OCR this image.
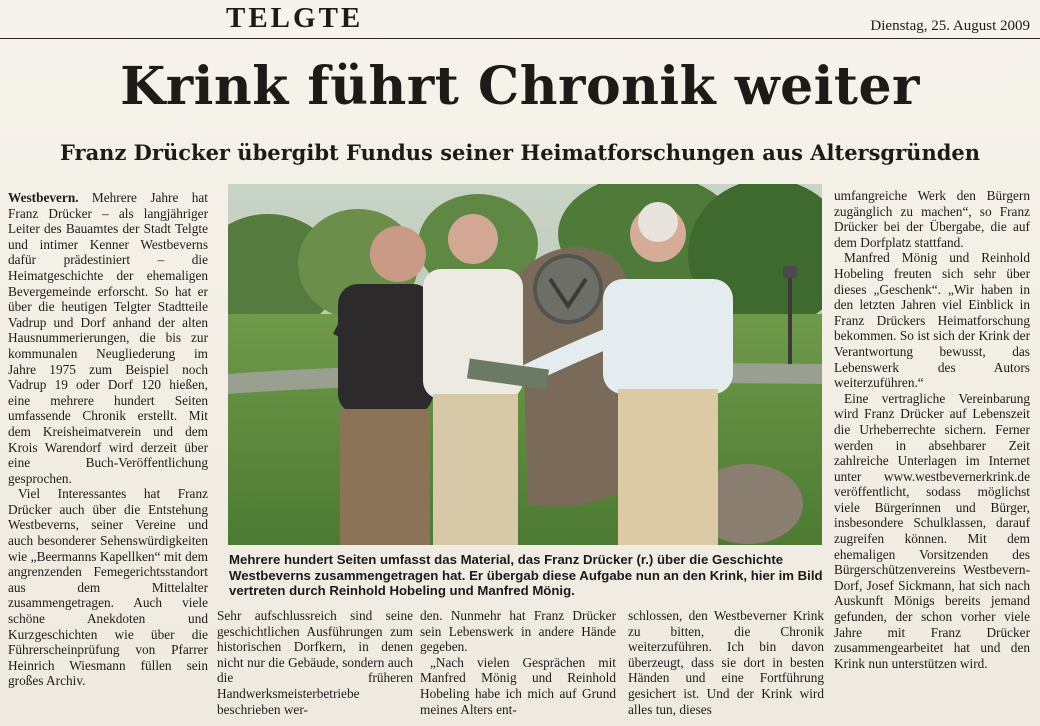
TELGTE	Dienstag, 25. August 2009
Krink führt Chronik weiter
Franz Drücker übergibt Fundus seiner Heimatforschungen aus Altersgründen

Westbevern. Mehrere Jahre hat Franz Drücker – als langjähriger Leiter des Bauamtes der Stadt Telgte und intimer Kenner Westbeverns dafür prädestiniert – die Heimatgeschichte der ehemaligen Bevergemeinde erforscht. So hat er über die heutigen Telgter Stadtteile Vadrup und Dorf anhand der alten Hausnummerierungen, die bis zur kommunalen Neugliederung im Jahre 1975 zum Beispiel noch Vadrup 19 oder Dorf 120 hießen, eine mehrere hundert Seiten umfassende Chronik erstellt. Mit dem Kreisheimatverein und dem Krois Warendorf wird derzeit über eine Buch-Veröffentlichung gesprochen.

Viel Interessantes hat Franz Drücker auch über die Entstehung Westbeverns, seiner Vereine und auch besonderer Sehenswürdigkeiten wie „Beermanns Kapellken“ mit dem angrenzenden Femegerichtsstandort aus dem Mittelalter zusammengetragen. Auch viele schöne Anekdoten und Kurzgeschichten wie über die Führerscheinprüfung von Pfarrer Heinrich Wiesmann füllen sein großes Archiv.

Mehrere hundert Seiten umfasst das Material, das Franz Drücker (r.) über die Geschichte Westbeverns zusammengetragen hat. Er übergab diese Aufgabe nun an den Krink, hier im Bild vertreten durch Reinhold Hobeling und Manfred Mönig.

Sehr aufschlussreich sind seine geschichtlichen Ausführungen zum historischen Dorfkern, in denen nicht nur die Gebäude, sondern auch die früheren Handwerksmeisterbetriebe beschrieben wer-

den. Nunmehr hat Franz Drücker sein Lebenswerk in andere Hände gegeben.

„Nach vielen Gesprächen mit Manfred Mönig und Reinhold Hobeling habe ich mich auf Grund meines Alters ent-

schlossen, den Westbeverner Krink zu bitten, die Chronik weiterzuführen. Ich bin davon überzeugt, dass sie dort in besten Händen und eine Fortführung gesichert ist. Und der Krink wird alles tun, dieses

umfangreiche Werk den Bürgern zugänglich zu machen“, so Franz Drücker bei der Übergabe, die auf dem Dorfplatz stattfand.

Manfred Mönig und Reinhold Hobeling freuten sich sehr über dieses „Geschenk“. „Wir haben in den letzten Jahren viel Einblick in Franz Drückers Heimatforschung bekommen. So ist sich der Krink der Verantwortung bewusst, das Lebenswerk des Autors weiterzuführen.“

Eine vertragliche Vereinbarung wird Franz Drücker auf Lebenszeit die Urheberrechte sichern. Ferner werden in absehbarer Zeit zahlreiche Unterlagen im Internet unter www.westbevernerkrink.de veröffentlicht, sodass möglichst viele Bürgerinnen und Bürger, insbesondere Schulklassen, darauf zugreifen können. Mit dem ehemaligen Vorsitzenden des Bürgerschützenvereins Westbevern-Dorf, Josef Sickmann, hat sich nach Auskunft Mönigs bereits jemand gefunden, der schon vorher viele Jahre mit Franz Drücker zusammengearbeitet hat und den Krink nun unterstützen wird.
